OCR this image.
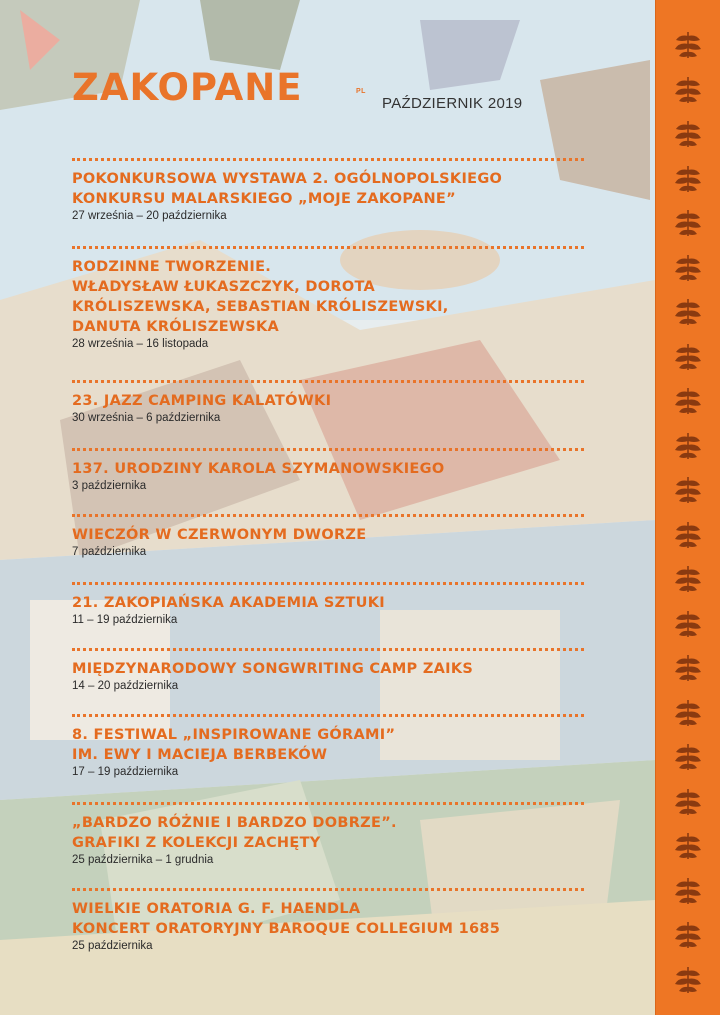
ZAKOPANE	PL
PAŹDZIERNIK 2019
POKONKURSOWA WYSTAWA 2. OGÓLNOPOLSKIEGO
KONKURSU MALARSKIEGO „MOJE ZAKOPANE”
27 września – 20 października
RODZINNE TWORZENIE.
WŁADYSŁAW ŁUKASZCZYK, DOROTA
KRÓLISZEWSKA, SEBASTIAN KRÓLISZEWSKI,
DANUTA KRÓLISZEWSKA
28 września – 16 listopada
23. JAZZ CAMPING KALATÓWKI
30 września – 6 października
137. URODZINY KAROLA SZYMANOWSKIEGO
3 października
WIECZÓR W CZERWONYM DWORZE
7 października
21. ZAKOPIAŃSKA AKADEMIA SZTUKI
11 – 19 października
MIĘDZYNARODOWY SONGWRITING CAMP ZAIKS
14 – 20 października
8. FESTIWAL „INSPIROWANE GÓRAMI”
IM. EWY I MACIEJA BERBEKÓW
17 – 19 października
„BARDZO RÓŻNIE I BARDZO DOBRZE”.
GRAFIKI Z KOLEKCJI ZACHĘTY
25 października – 1 grudnia
WIELKIE ORATORIA G. F. HAENDLA
KONCERT ORATORYJNY BAROQUE COLLEGIUM 1685
25 października
